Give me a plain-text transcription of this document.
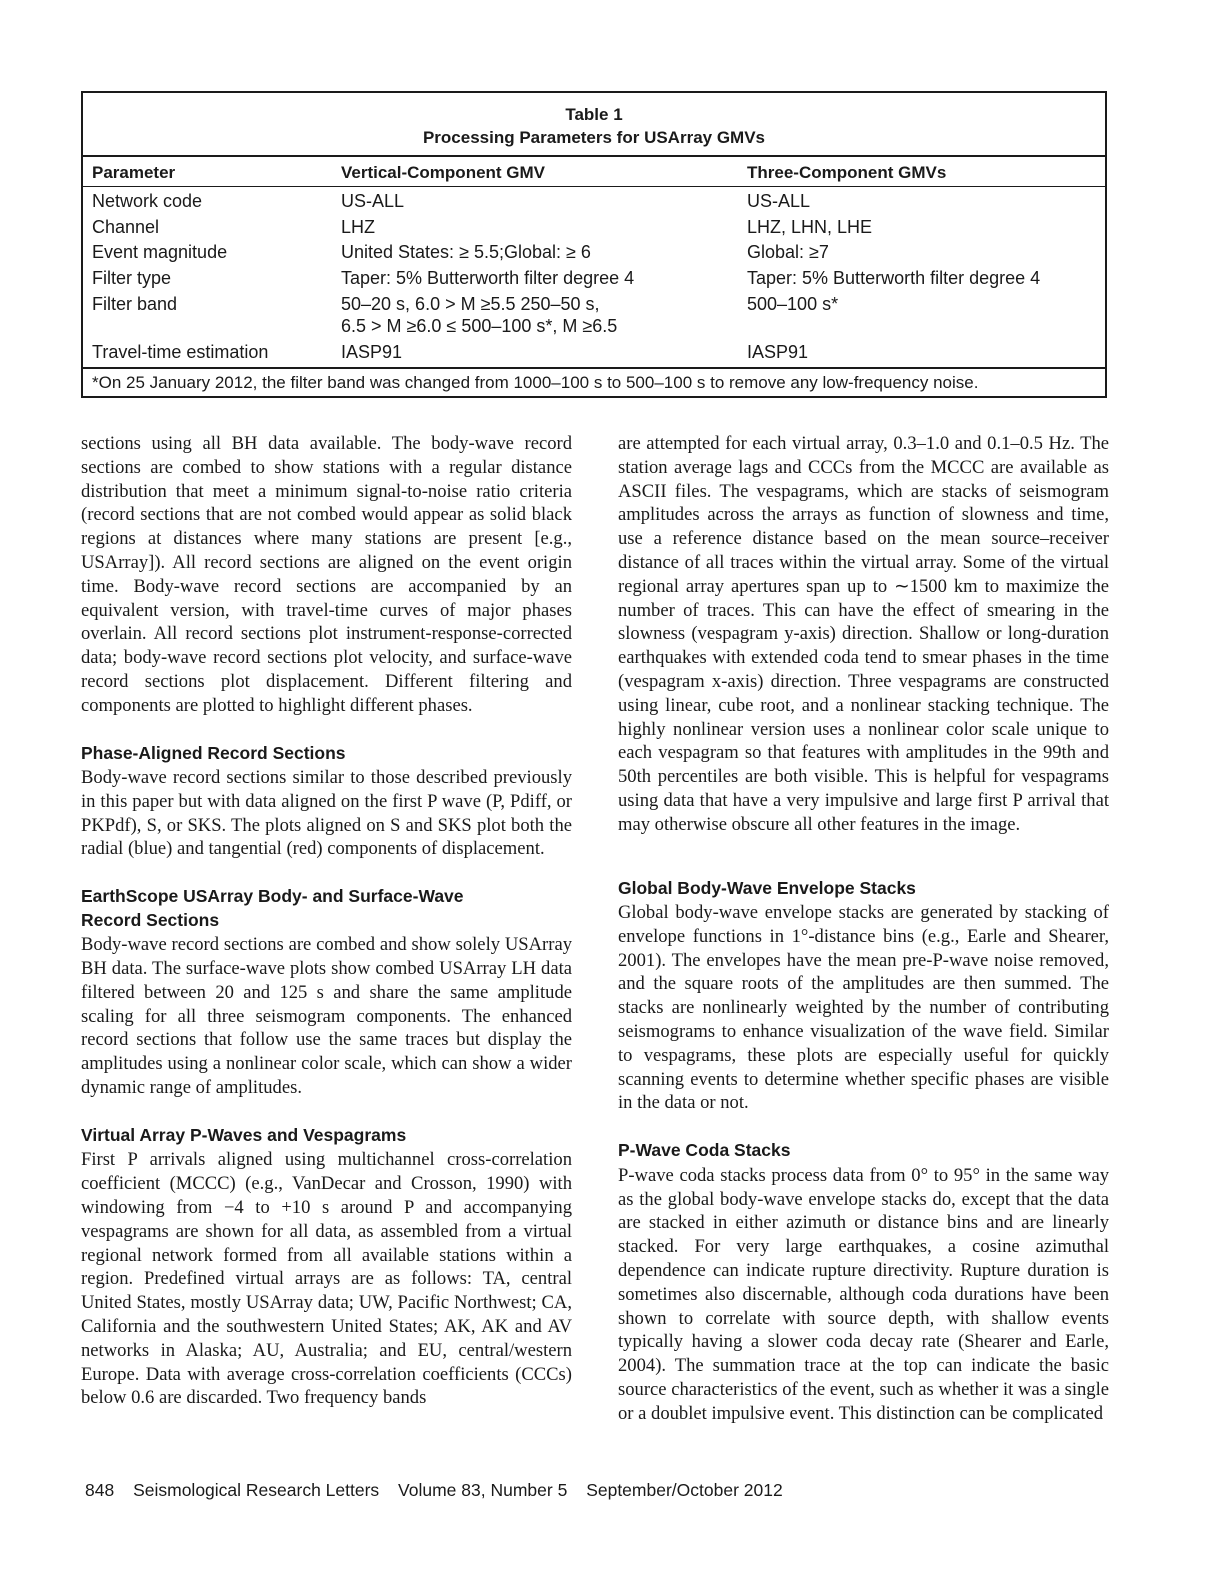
Table 1
Processing Parameters for USArray GMVs
Parameter	Vertical-Component GMV	Three-Component GMVs
Network code	US-ALL	US-ALL
Channel	LHZ	LHZ, LHN, LHE
Event magnitude	United States: ≥ 5.5;Global: ≥ 6	Global: ≥7
Filter type	Taper: 5% Butterworth filter degree 4	Taper: 5% Butterworth filter degree 4
Filter band	50–20 s, 6.0 > M ≥5.5 250–50 s,	500–100 s*
6.5 > M ≥6.0 ≤ 500–100 s*, M ≥6.5
Travel-time estimation	IASP91	IASP91
*On 25 January 2012, the filter band was changed from 1000–100 s to 500–100 s to remove any low-frequency noise.

sections using all BH data available. The body-wave record sections are combed to show stations with a regular distance distribution that meet a minimum signal-to-noise ratio criteria (record sections that are not combed would appear as solid black regions at distances where many stations are present [e.g., USArray]). All record sections are aligned on the event origin time. Body-wave record sections are accompanied by an equivalent version, with travel-time curves of major phases overlain. All record sections plot instrument-response-corrected data; body-wave record sections plot velocity, and surface-wave record sections plot displacement. Different filtering and components are plotted to highlight different phases.

Phase-Aligned Record Sections

Body-wave record sections similar to those described previously in this paper but with data aligned on the first P wave (P, Pdiff, or PKPdf), S, or SKS. The plots aligned on S and SKS plot both the radial (blue) and tangential (red) components of displacement.

EarthScope USArray Body- and Surface-Wave
Record Sections

Body-wave record sections are combed and show solely USArray BH data. The surface-wave plots show combed USArray LH data filtered between 20 and 125 s and share the same amplitude scaling for all three seismogram components. The enhanced record sections that follow use the same traces but display the amplitudes using a nonlinear color scale, which can show a wider dynamic range of amplitudes.

Virtual Array P-Waves and Vespagrams

First P arrivals aligned using multichannel cross-correlation coefficient (MCCC) (e.g., VanDecar and Crosson, 1990) with windowing from −4 to +10 s around P and accompanying vespagrams are shown for all data, as assembled from a virtual regional network formed from all available stations within a region. Predefined virtual arrays are as follows: TA, central United States, mostly USArray data; UW, Pacific Northwest; CA, California and the southwestern United States; AK, AK and AV networks in Alaska; AU, Australia; and EU, central/western Europe. Data with average cross-correlation coefficients (CCCs) below 0.6 are discarded. Two frequency bands

are attempted for each virtual array, 0.3–1.0 and 0.1–0.5 Hz. The station average lags and CCCs from the MCCC are available as ASCII files. The vespagrams, which are stacks of seismogram amplitudes across the arrays as function of slowness and time, use a reference distance based on the mean source–receiver distance of all traces within the virtual array. Some of the virtual regional array apertures span up to ∼1500 km to maximize the number of traces. This can have the effect of smearing in the slowness (vespagram y-axis) direction. Shallow or long-duration earthquakes with extended coda tend to smear phases in the time (vespagram x-axis) direction. Three vespagrams are constructed using linear, cube root, and a nonlinear stacking technique. The highly nonlinear version uses a nonlinear color scale unique to each vespagram so that features with amplitudes in the 99th and 50th percentiles are both visible. This is helpful for vespagrams using data that have a very impulsive and large first P arrival that may otherwise obscure all other features in the image.

Global Body-Wave Envelope Stacks

Global body-wave envelope stacks are generated by stacking of envelope functions in 1°-distance bins (e.g., Earle and Shearer, 2001). The envelopes have the mean pre-P-wave noise removed, and the square roots of the amplitudes are then summed. The stacks are nonlinearly weighted by the number of contributing seismograms to enhance visualization of the wave field. Similar to vespagrams, these plots are especially useful for quickly scanning events to determine whether specific phases are visible in the data or not.

P-Wave Coda Stacks

P-wave coda stacks process data from 0° to 95° in the same way as the global body-wave envelope stacks do, except that the data are stacked in either azimuth or distance bins and are linearly stacked. For very large earthquakes, a cosine azimuthal dependence can indicate rupture directivity. Rupture duration is sometimes also discernable, although coda durations have been shown to correlate with source depth, with shallow events typically having a slower coda decay rate (Shearer and Earle, 2004). The summation trace at the top can indicate the basic source characteristics of the event, such as whether it was a single or a doublet impulsive event. This distinction can be complicated

848 Seismological Research Letters Volume 83, Number 5 September/October 2012
